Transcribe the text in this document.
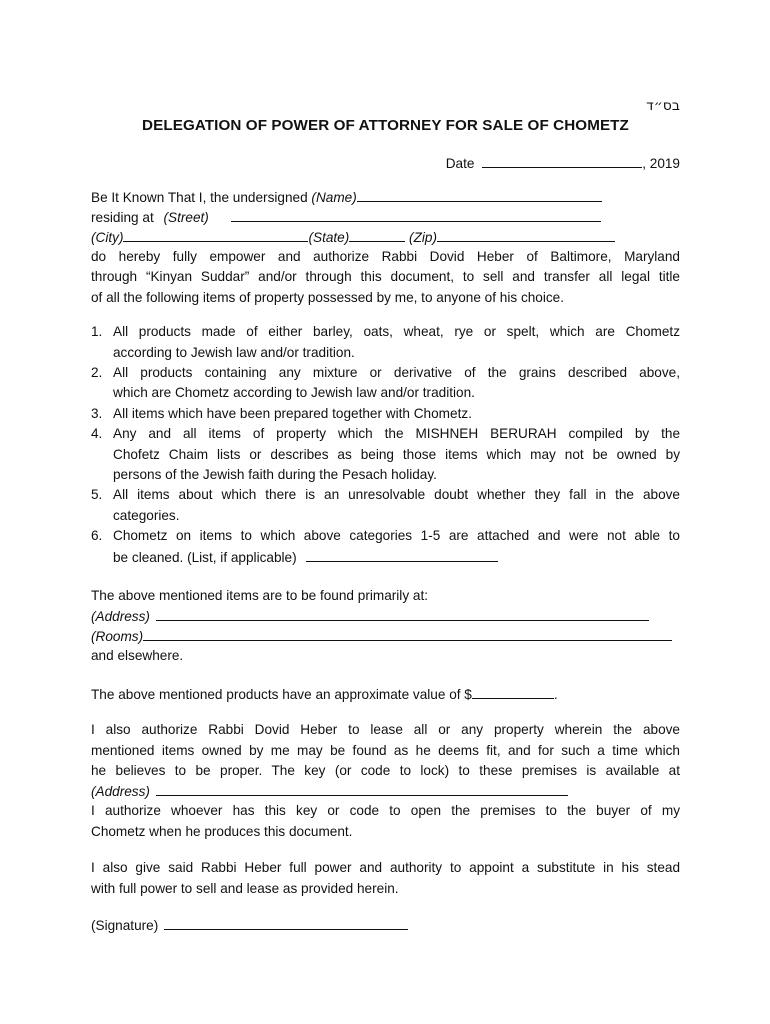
בס״ד
DELEGATION OF POWER OF ATTORNEY FOR SALE OF CHOMETZ
Date	, 2019
Be It Known That I, the undersigned (Name)
residing at (Street)
(City)	(State)	(Zip)
do hereby fully empower and authorize Rabbi Dovid Heber of Baltimore, Maryland
through “Kinyan Suddar” and/or through this document, to sell and transfer all legal title
of all the following items of property possessed by me, to anyone of his choice.
1. All products made of either barley, oats, wheat, rye or spelt, which are Chometz
according to Jewish law and/or tradition.
2. All products containing any mixture or derivative of the grains described above,
which are Chometz according to Jewish law and/or tradition.
3. All items which have been prepared together with Chometz.
4. Any and all items of property which the MISHNEH BERURAH compiled by the
Chofetz Chaim lists or describes as being those items which may not be owned by
persons of the Jewish faith during the Pesach holiday.
5. All items about which there is an unresolvable doubt whether they fall in the above
categories.
6. Chometz on items to which above categories 1-5 are attached and were not able to
be cleaned. (List, if applicable)
The above mentioned items are to be found primarily at:
(Address)
(Rooms)
and elsewhere.
The above mentioned products have an approximate value of $	.
I also authorize Rabbi Dovid Heber to lease all or any property wherein the above
mentioned items owned by me may be found as he deems fit, and for such a time which
he believes to be proper. The key (or code to lock) to these premises is available at
(Address)
I authorize whoever has this key or code to open the premises to the buyer of my
Chometz when he produces this document.
I also give said Rabbi Heber full power and authority to appoint a substitute in his stead
with full power to sell and lease as provided herein.
(Signature)
